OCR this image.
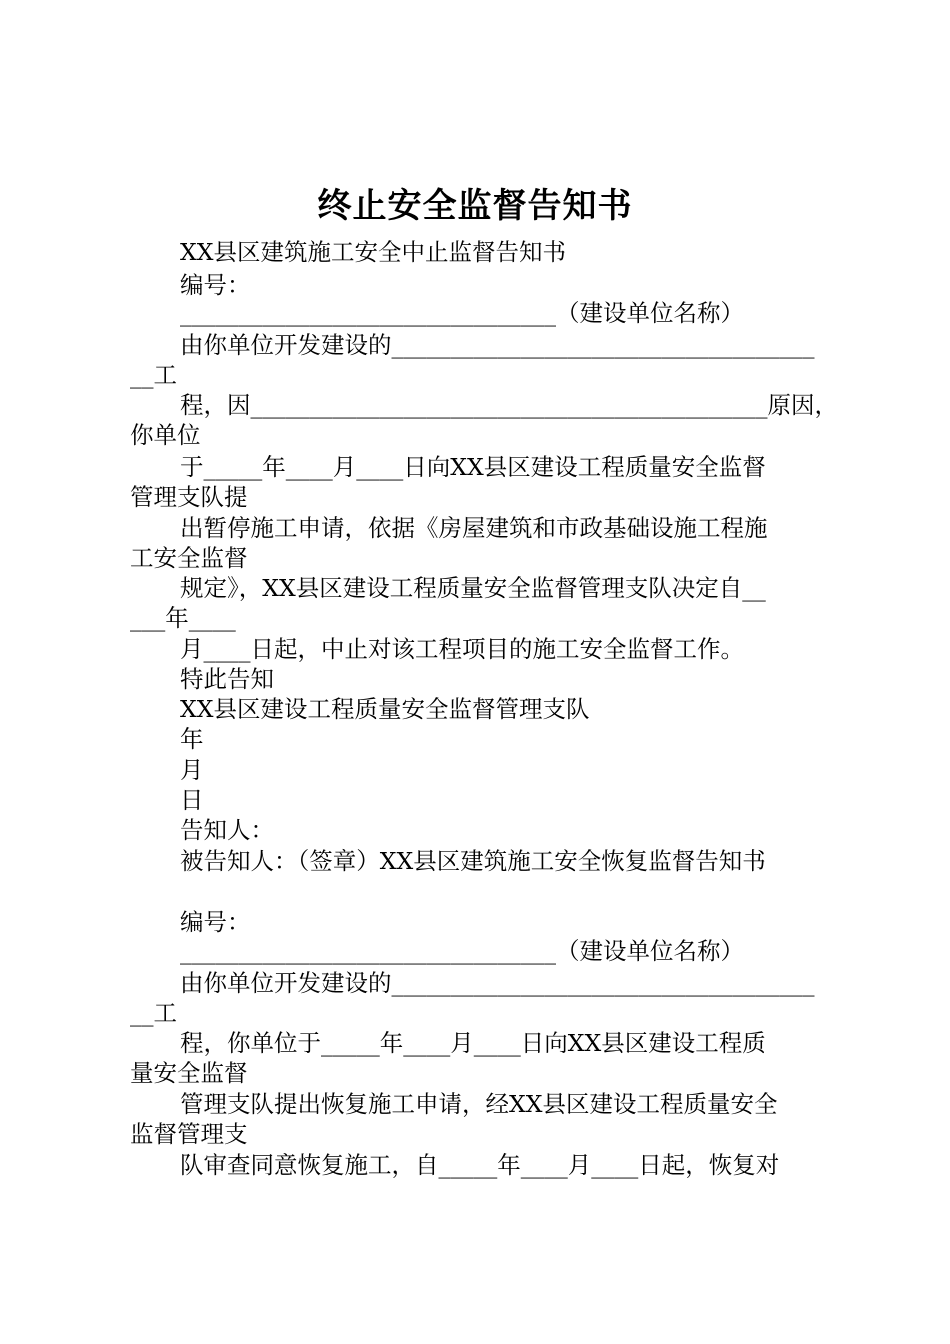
终止安全监督告知书
XX县区建筑施工安全中止监督告知书
编号：
________________________________（建设单位名称）
由你单位开发建设的____________________________________
__工
程，因____________________________________________原因，
你单位
于_____年____月____日向XX县区建设工程质量安全监督
管理支队提
出暂停施工申请，依据《房屋建筑和市政基础设施工程施
工安全监督
规定》，XX县区建设工程质量安全监督管理支队决定自__
___年____
月____日起，中止对该工程项目的施工安全监督工作。
特此告知
XX县区建设工程质量安全监督管理支队
年
月
日
告知人：
被告知人：（签章）XX县区建筑施工安全恢复监督告知书
编号：
________________________________（建设单位名称）
由你单位开发建设的____________________________________
__工
程，你单位于_____年____月____日向XX县区建设工程质
量安全监督
管理支队提出恢复施工申请，经XX县区建设工程质量安全
监督管理支
队审查同意恢复施工，自_____年____月____日起，恢复对
